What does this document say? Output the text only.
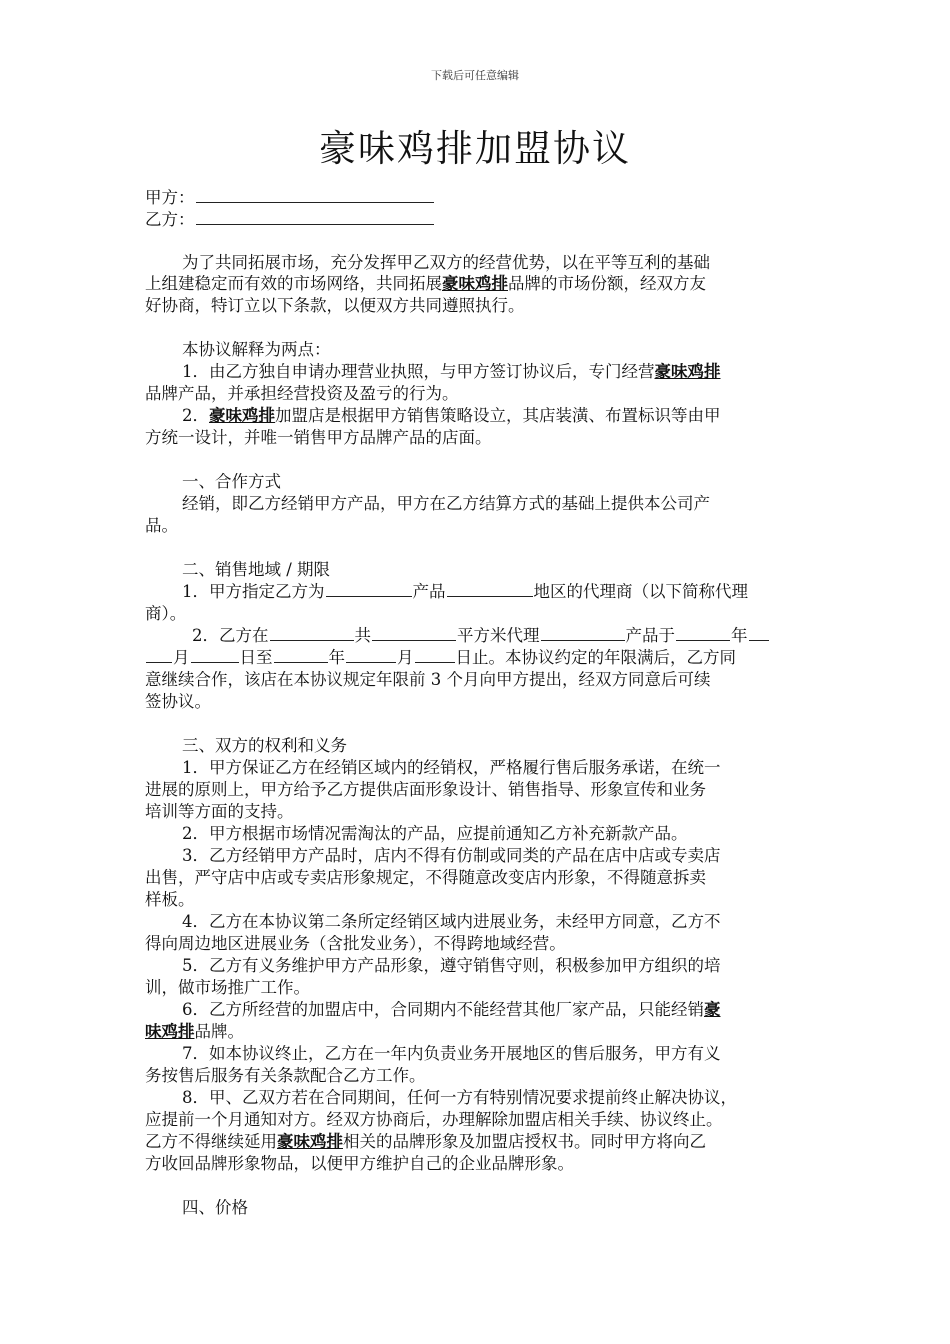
下载后可任意编辑
豪味鸡排加盟协议
甲方：
乙方：
为了共同拓展市场，充分发挥甲乙双方的经营优势，以在平等互利的基础
上组建稳定而有效的市场网络，共同拓展豪味鸡排品牌的市场份额，经双方友
好协商，特订立以下条款，以便双方共同遵照执行。
本协议解释为两点：
1．由乙方独自申请办理营业执照，与甲方签订协议后，专门经营豪味鸡排
品牌产品，并承担经营投资及盈亏的行为。
2．豪味鸡排加盟店是根据甲方销售策略设立，其店装潢、布置标识等由甲
方统一设计，并唯一销售甲方品牌产品的店面。
一、合作方式
经销，即乙方经销甲方产品，甲方在乙方结算方式的基础上提供本公司产
品。
二、销售地域 / 期限
1．甲方指定乙方为	产品	地区的代理商（以下简称代理
商）。
2．乙方在	共	平方米代理	产品于	年
月	日至	年	月	日止。本协议约定的年限满后，乙方同
意继续合作，该店在本协议规定年限前 3 个月向甲方提出，经双方同意后可续
签协议。
三、双方的权利和义务
1．甲方保证乙方在经销区域内的经销权，严格履行售后服务承诺，在统一
进展的原则上，甲方给予乙方提供店面形象设计、销售指导、形象宣传和业务
培训等方面的支持。
2．甲方根据市场情况需淘汰的产品，应提前通知乙方补充新款产品。
3．乙方经销甲方产品时，店内不得有仿制或同类的产品在店中店或专卖店
出售，严守店中店或专卖店形象规定，不得随意改变店内形象，不得随意拆卖
样板。
4．乙方在本协议第二条所定经销区域内进展业务，未经甲方同意，乙方不
得向周边地区进展业务（含批发业务），不得跨地域经营。
5．乙方有义务维护甲方产品形象，遵守销售守则，积极参加甲方组织的培
训，做市场推广工作。
6．乙方所经营的加盟店中，合同期内不能经营其他厂家产品，只能经销豪
味鸡排品牌。
7．如本协议终止，乙方在一年内负责业务开展地区的售后服务，甲方有义
务按售后服务有关条款配合乙方工作。
8．甲、乙双方若在合同期间，任何一方有特别情况要求提前终止解决协议，
应提前一个月通知对方。经双方协商后，办理解除加盟店相关手续、协议终止。
乙方不得继续延用豪味鸡排相关的品牌形象及加盟店授权书。同时甲方将向乙
方收回品牌形象物品，以便甲方维护自己的企业品牌形象。
四、价格
